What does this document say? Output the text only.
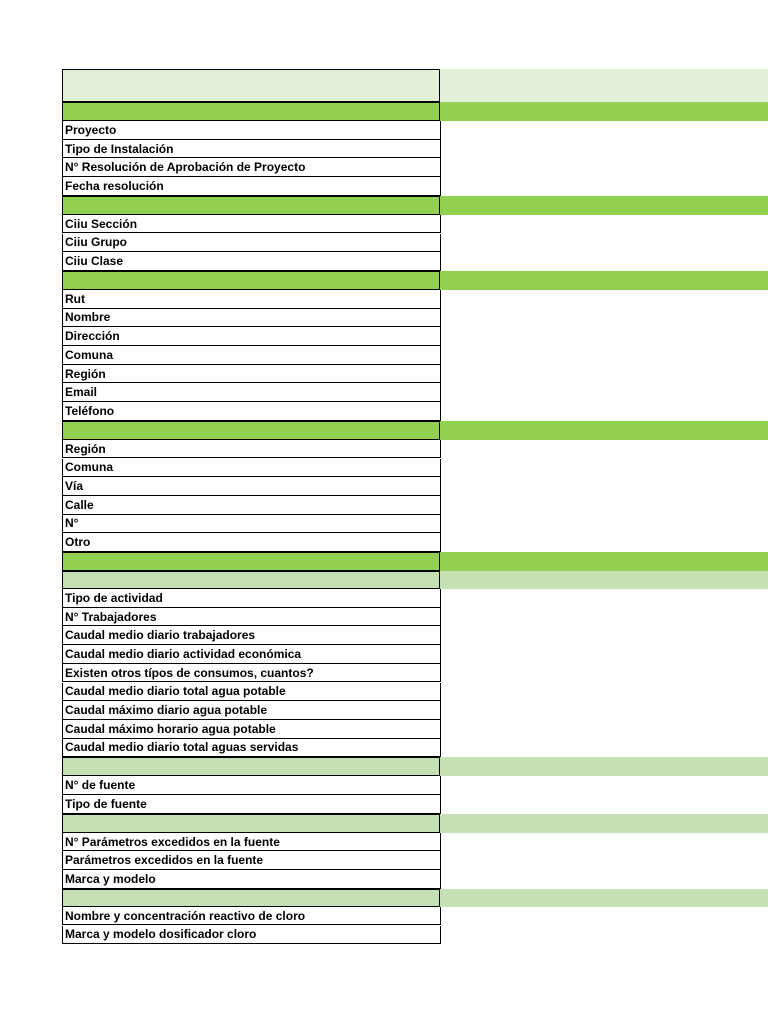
Proyecto
Tipo de Instalación
N° Resolución de Aprobación de Proyecto
Fecha resolución
Ciiu Sección
Ciiu Grupo
Ciiu Clase
Rut
Nombre
Dirección
Comuna
Región
Email
Teléfono
Región
Comuna
Vía
Calle
N°
Otro
Tipo de actividad
N° Trabajadores
Caudal medio diario trabajadores
Caudal medio diario actividad económica
Existen otros típos de consumos, cuantos?
Caudal medio diario total agua potable
Caudal máximo diario agua potable
Caudal máximo horario agua potable
Caudal medio diario total aguas servidas
N° de fuente
Tipo de fuente
N° Parámetros excedidos en la fuente
Parámetros excedidos en la fuente
Marca y modelo
Nombre y concentración reactivo de cloro
Marca y modelo dosificador cloro
